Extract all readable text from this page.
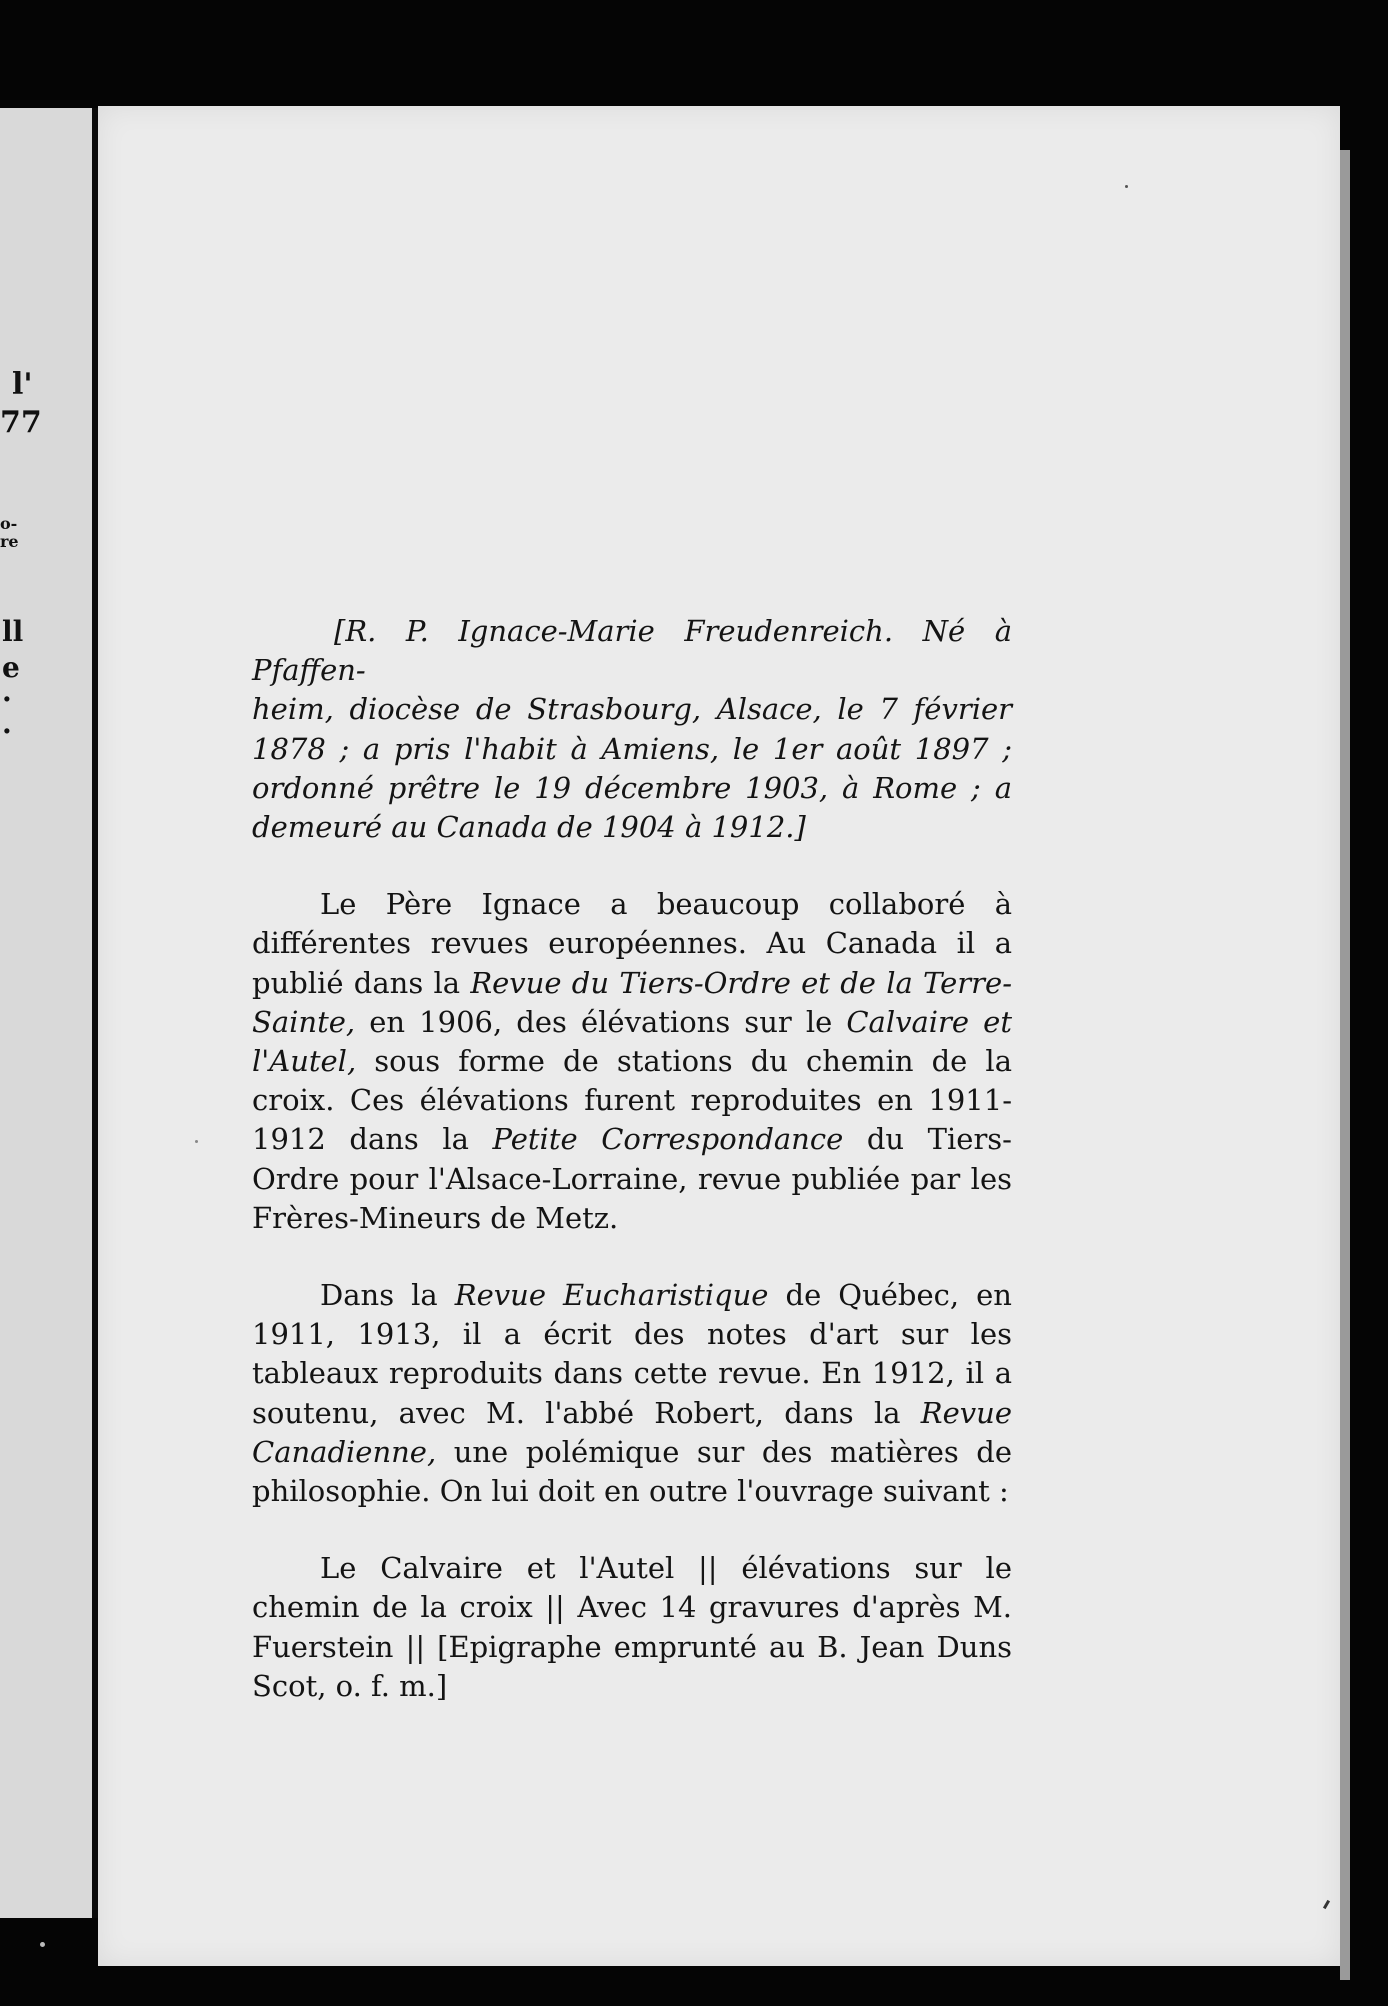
l'
77
o-
re
ll
e
.
.

[R. P. Ignace-Marie Freudenreich. Né à Pfaffen-
heim, diocèse de Strasbourg, Alsace, le 7 février 1878 ; a pris l'habit à Amiens, le 1er août 1897 ; ordonné prêtre le 19 décembre 1903, à Rome ; a demeuré au Canada de 1904 à 1912.]

Le Père Ignace a beaucoup collaboré à différentes revues européennes. Au Canada il a publié dans la Revue du Tiers-Ordre et de la Terre-Sainte, en 1906, des élévations sur le Calvaire et l'Autel, sous forme de stations du chemin de la croix. Ces élévations furent reproduites en 1911-1912 dans la Petite Correspondance du Tiers-Ordre pour l'Alsace-Lorraine, revue publiée par les Frères-Mineurs de Metz.

Dans la Revue Eucharistique de Québec, en 1911, 1913, il a écrit des notes d'art sur les tableaux reproduits dans cette revue. En 1912, il a soutenu, avec M. l'abbé Robert, dans la Revue Canadienne, une polémique sur des matières de philosophie. On lui doit en outre l'ouvrage suivant :

Le Calvaire et l'Autel || élévations sur le chemin de la croix || Avec 14 gravures d'après M. Fuerstein || [Epigraphe emprunté au B. Jean Duns Scot, o. f. m.]
